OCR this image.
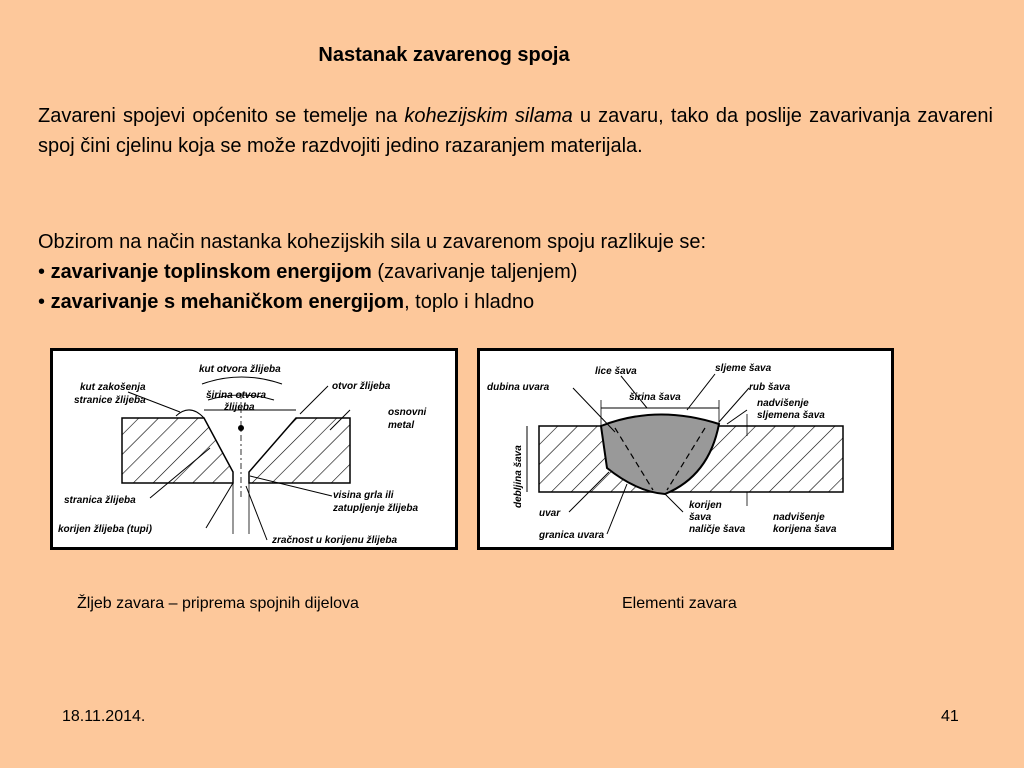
Nastanak zavarenog spoja
Zavareni spojevi općenito se temelje na kohezijskim silama u zavaru, tako da poslije zavarivanja zavareni spoj čini cjelinu koja se može razdvojiti jedino razaranjem materijala.
Obzirom na način nastanka kohezijskih sila u zavarenom spoju razlikuje se:
• zavarivanje toplinskom energijom (zavarivanje taljenjem)
• zavarivanje s mehaničkom energijom, toplo i hladno
kut otvora žlijeba
kut zakošenja
stranice žlijeba	širina otvora
žlijeba
otvor žlijeba
osnovni
metal
stranica žlijeba	visina grla ili
zatupljenje žlijeba
korijen žlijeba (tupi)
zračnost u korijenu žlijeba
dubina uvara
lice šava	sljeme šava
širina šava
rub šava
nadvišenje
sljemena šava
debljina šava
uvar
korijen
šava
naličje šava
granica uvara
nadvišenje
korijena šava
Žljeb zavara – priprema spojnih dijelova	Elementi zavara
18.11.2014.	41
